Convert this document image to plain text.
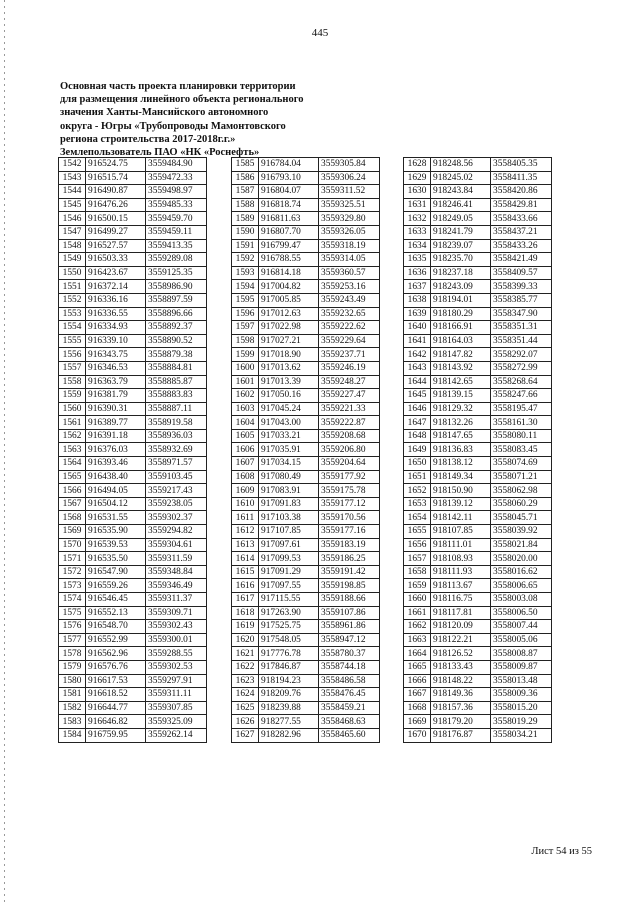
445
Основная часть проекта планировки территории
для размещения линейного объекта регионального
значения Ханты-Мансийского автономного
округа - Югры «Трубопроводы Мамонтовского
региона строительства 2017-2018г.г.»
Землепользователь ПАО «НК «Роснефть»
1542	916524.75	3559484.90
1543	916515.74	3559472.33
1544	916490.87	3559498.97
1545	916476.26	3559485.33
1546	916500.15	3559459.70
1547	916499.27	3559459.11
1548	916527.57	3559413.35
1549	916503.33	3559289.08
1550	916423.67	3559125.35
1551	916372.14	3558986.90
1552	916336.16	3558897.59
1553	916336.55	3558896.66
1554	916334.93	3558892.37
1555	916339.10	3558890.52
1556	916343.75	3558879.38
1557	916346.53	3558884.81
1558	916363.79	3558885.87
1559	916381.79	3558883.83
1560	916390.31	3558887.11
1561	916389.77	3558919.58
1562	916391.18	3558936.03
1563	916376.03	3558932.69
1564	916393.46	3558971.57
1565	916438.40	3559103.45
1566	916494.05	3559217.43
1567	916504.12	3559238.05
1568	916531.55	3559302.37
1569	916535.90	3559294.82
1570	916539.53	3559304.61
1571	916535.50	3559311.59
1572	916547.90	3559348.84
1573	916559.26	3559346.49
1574	916546.45	3559311.37
1575	916552.13	3559309.71
1576	916548.70	3559302.43
1577	916552.99	3559300.01
1578	916562.96	3559288.55
1579	916576.76	3559302.53
1580	916617.53	3559297.91
1581	916618.52	3559311.11
1582	916644.77	3559307.85
1583	916646.82	3559325.09
1584	916759.95	3559262.14
1585	916784.04	3559305.84
1586	916793.10	3559306.24
1587	916804.07	3559311.52
1588	916818.74	3559325.51
1589	916811.63	3559329.80
1590	916807.70	3559326.05
1591	916799.47	3559318.19
1592	916788.55	3559314.05
1593	916814.18	3559360.57
1594	917004.82	3559253.16
1595	917005.85	3559243.49
1596	917012.63	3559232.65
1597	917022.98	3559222.62
1598	917027.21	3559229.64
1599	917018.90	3559237.71
1600	917013.62	3559246.19
1601	917013.39	3559248.27
1602	917050.16	3559227.47
1603	917045.24	3559221.33
1604	917043.00	3559222.87
1605	917033.21	3559208.68
1606	917035.91	3559206.80
1607	917034.15	3559204.64
1608	917080.49	3559177.92
1609	917083.91	3559175.78
1610	917091.83	3559177.12
1611	917103.38	3559170.56
1612	917107.85	3559177.16
1613	917097.61	3559183.19
1614	917099.53	3559186.25
1615	917091.29	3559191.42
1616	917097.55	3559198.85
1617	917115.55	3559188.66
1618	917263.90	3559107.86
1619	917525.75	3558961.86
1620	917548.05	3558947.12
1621	917776.78	3558780.37
1622	917846.87	3558744.18
1623	918194.23	3558486.58
1624	918209.76	3558476.45
1625	918239.88	3558459.21
1626	918277.55	3558468.63
1627	918282.96	3558465.60
1628	918248.56	3558405.35
1629	918245.02	3558411.35
1630	918243.84	3558420.86
1631	918246.41	3558429.81
1632	918249.05	3558433.66
1633	918241.79	3558437.21
1634	918239.07	3558433.26
1635	918235.70	3558421.49
1636	918237.18	3558409.57
1637	918243.09	3558399.33
1638	918194.01	3558385.77
1639	918180.29	3558347.90
1640	918166.91	3558351.31
1641	918164.03	3558351.44
1642	918147.82	3558292.07
1643	918143.92	3558272.99
1644	918142.65	3558268.64
1645	918139.15	3558247.66
1646	918129.32	3558195.47
1647	918132.26	3558161.30
1648	918147.65	3558080.11
1649	918136.83	3558083.45
1650	918138.12	3558074.69
1651	918149.34	3558071.21
1652	918150.90	3558062.98
1653	918139.12	3558060.29
1654	918142.11	3558045.71
1655	918107.85	3558039.92
1656	918111.01	3558021.84
1657	918108.93	3558020.00
1658	918111.93	3558016.62
1659	918113.67	3558006.65
1660	918116.75	3558003.08
1661	918117.81	3558006.50
1662	918120.09	3558007.44
1663	918122.21	3558005.06
1664	918126.52	3558008.87
1665	918133.43	3558009.87
1666	918148.22	3558013.48
1667	918149.36	3558009.36
1668	918157.36	3558015.20
1669	918179.20	3558019.29
1670	918176.87	3558034.21
Лист 54 из 55
